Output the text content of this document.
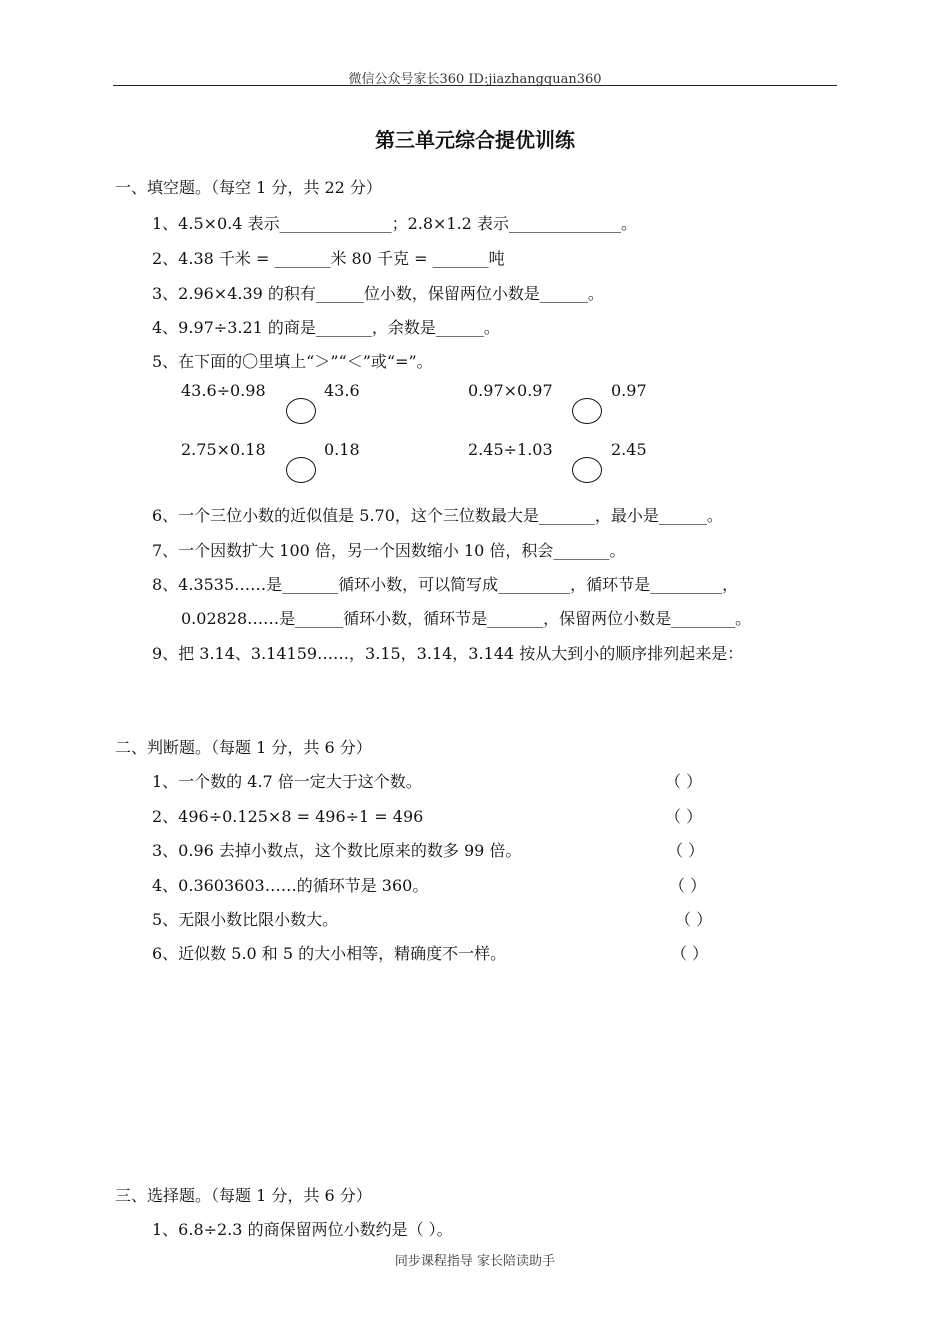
微信公众号家长360 ID:jiazhangquan360
第三单元综合提优训练
一、填空题。（每空 1 分，共 22 分）
1、4.5×0.4 表示______________；2.8×1.2 表示______________。
2、4.38 千米 = _______米 80 千克 = _______吨
3、2.96×4.39 的积有______位小数，保留两位小数是______。
4、9.97÷3.21 的商是_______，余数是______。
5、在下面的〇里填上“＞”“＜”或“=”。
43.6÷0.98	43.6	0.97×0.97	0.97
2.75×0.18	0.18	2.45÷1.03	2.45
6、一个三位小数的近似值是 5.70，这个三位数最大是_______，最小是______。
7、一个因数扩大 100 倍，另一个因数缩小 10 倍，积会_______。
8、4.3535……是_______循环小数，可以简写成_________，循环节是_________，
0.02828……是______循环小数，循环节是_______，保留两位小数是________。
9、把 3.14、3.14159……，3.15，3.14，3.144 按从大到小的顺序排列起来是：
二、判断题。（每题 1 分，共 6 分）
1、一个数的 4.7 倍一定大于这个数。	（ ）
2、496÷0.125×8 = 496÷1 = 496	（ ）
3、0.96 去掉小数点，这个数比原来的数多 99 倍。	（ ）
4、0.3603603……的循环节是 360。	（ ）
5、无限小数比限小数大。	（ ）
6、近似数 5.0 和 5 的大小相等，精确度不一样。	（ ）
三、选择题。（每题 1 分，共 6 分）
1、6.8÷2.3 的商保留两位小数约是（ ）。
同步课程指导 家长陪读助手
